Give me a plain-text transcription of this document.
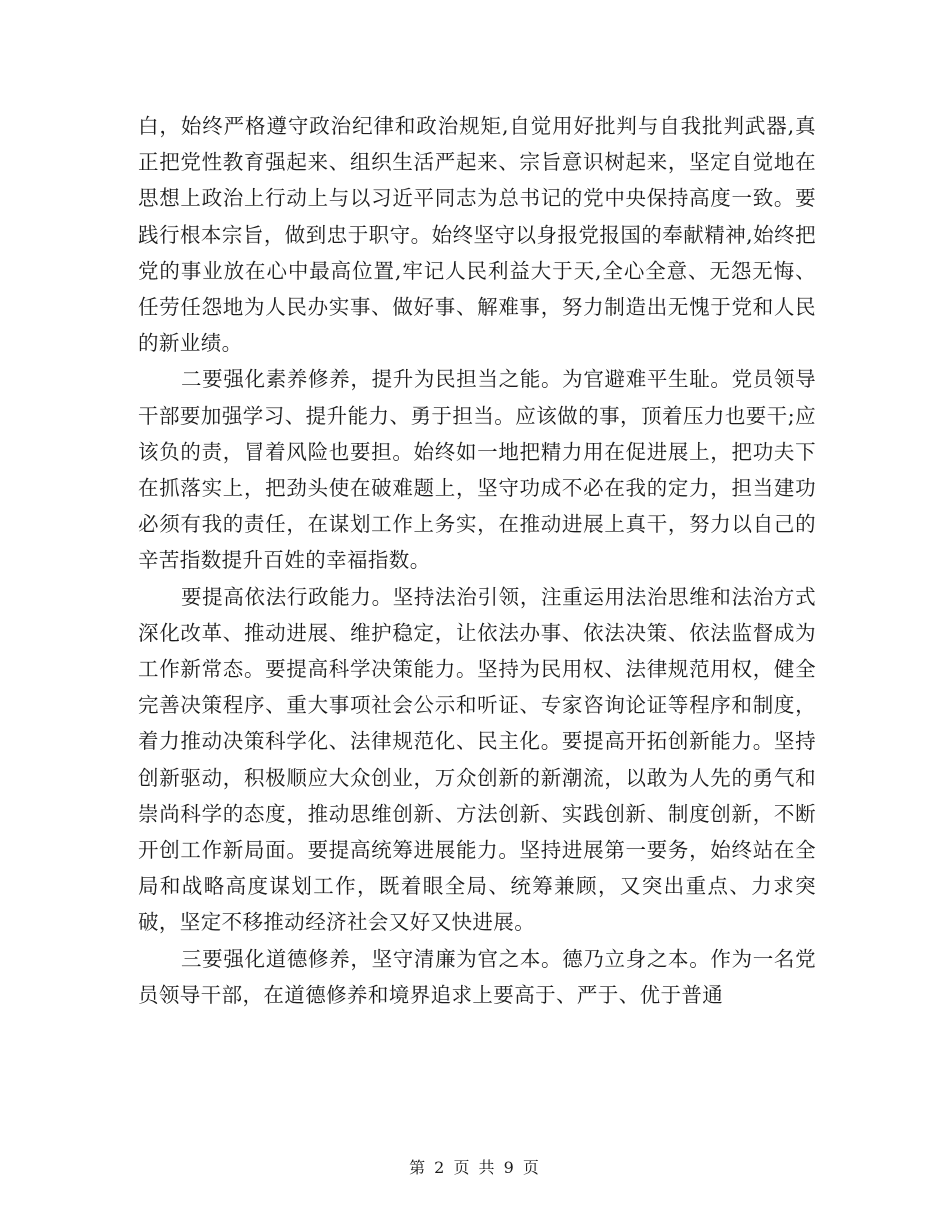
白，始终严格遵守政治纪律和政治规矩,自觉用好批判与自我批判武器,真正把党性教育强起来、组织生活严起来、宗旨意识树起来，坚定自觉地在思想上政治上行动上与以习近平同志为总书记的党中央保持高度一致。要践行根本宗旨，做到忠于职守。始终坚守以身报党报国的奉献精神,始终把党的事业放在心中最高位置,牢记人民利益大于天,全心全意、无怨无悔、任劳任怨地为人民办实事、做好事、解难事，努力制造出无愧于党和人民的新业绩。

二要强化素养修养，提升为民担当之能。为官避难平生耻。党员领导干部要加强学习、提升能力、勇于担当。应该做的事，顶着压力也要干;应该负的责，冒着风险也要担。始终如一地把精力用在促进展上，把功夫下在抓落实上，把劲头使在破难题上，坚守功成不必在我的定力，担当建功必须有我的责任，在谋划工作上务实，在推动进展上真干，努力以自己的辛苦指数提升百姓的幸福指数。

要提高依法行政能力。坚持法治引领，注重运用法治思维和法治方式深化改革、推动进展、维护稳定，让依法办事、依法决策、依法监督成为工作新常态。要提高科学决策能力。坚持为民用权、法律规范用权，健全完善决策程序、重大事项社会公示和听证、专家咨询论证等程序和制度，着力推动决策科学化、法律规范化、民主化。要提高开拓创新能力。坚持创新驱动，积极顺应大众创业，万众创新的新潮流，以敢为人先的勇气和崇尚科学的态度，推动思维创新、方法创新、实践创新、制度创新，不断开创工作新局面。要提高统筹进展能力。坚持进展第一要务，始终站在全局和战略高度谋划工作，既着眼全局、统筹兼顾，又突出重点、力求突破，坚定不移推动经济社会又好又快进展。

三要强化道德修养，坚守清廉为官之本。德乃立身之本。作为一名党员领导干部，在道德修养和境界追求上要高于、严于、优于普通

第 2 页 共 9 页
